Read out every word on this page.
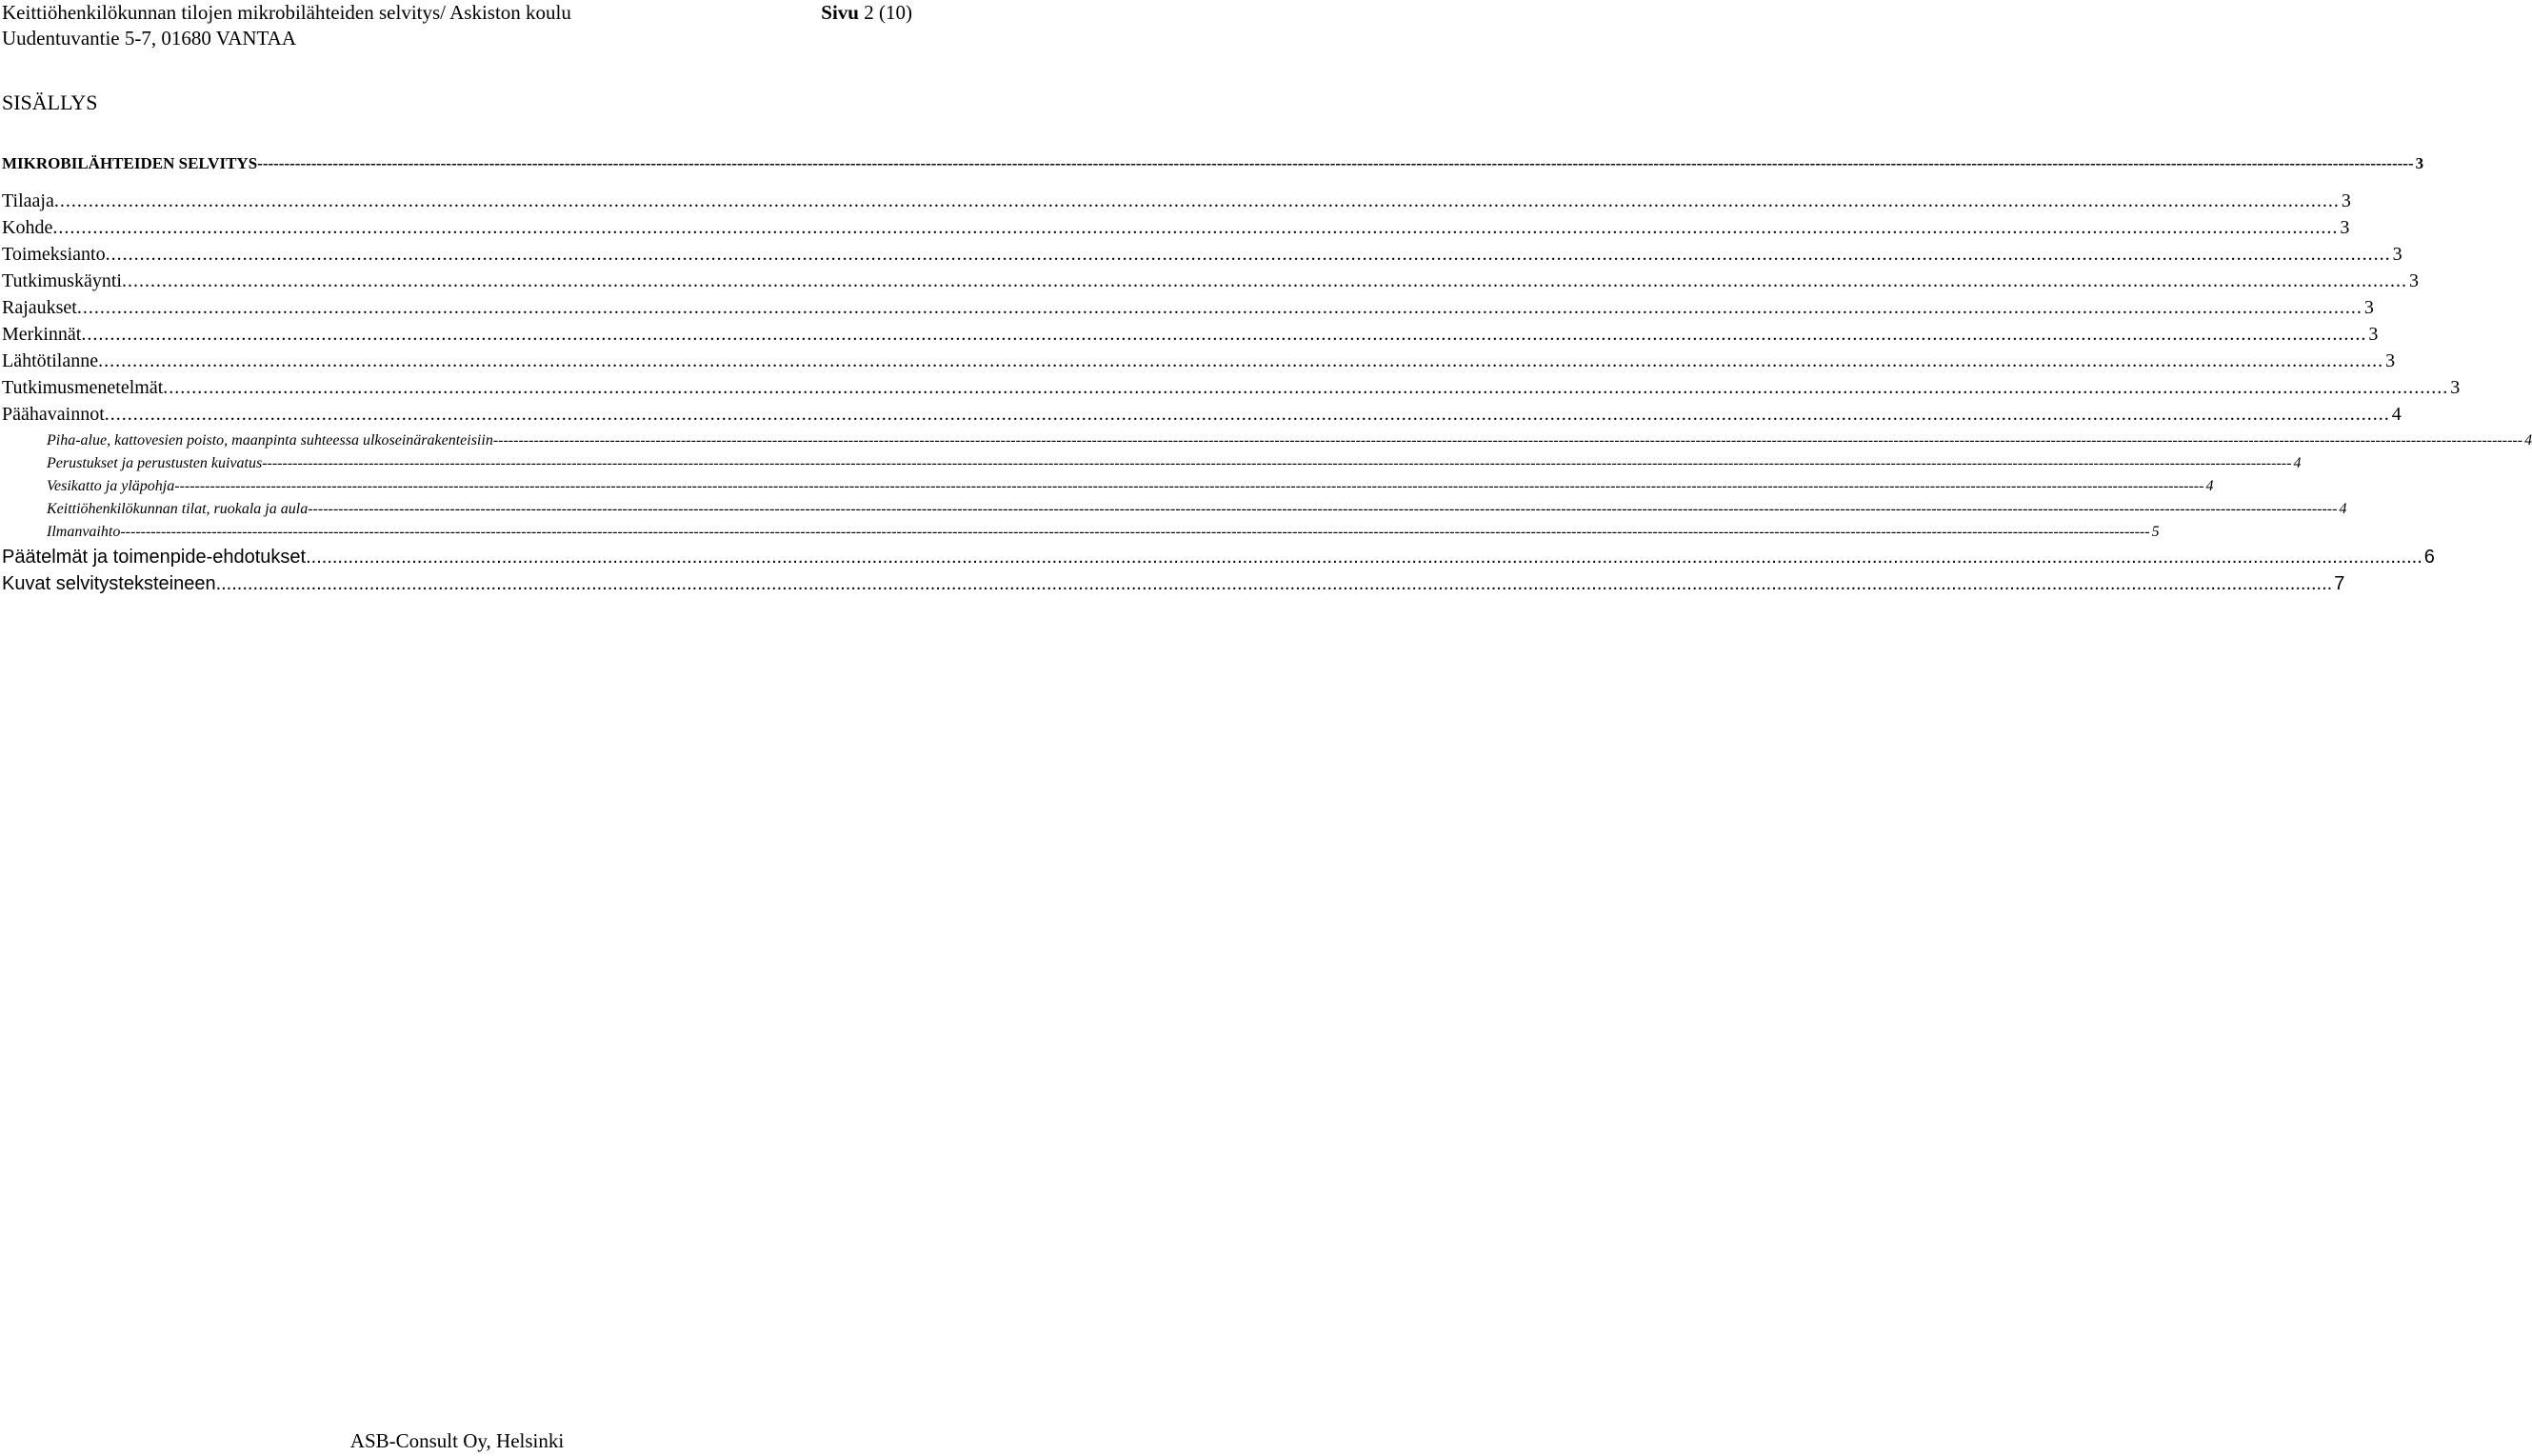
Keittiöhenkilökunnan tilojen mikrobilähteiden selvitys/ Askiston koulu
Uudentuvantie 5-7, 01680 VANTAA
Sivu 2 (10)
SISÄLLYS
MIKROBILÄHTEIDEN SELVITYS ---------------------------------------------------------------------------------------------------------------------------------------------------------------------------------------------------------------------------------------------------------------------------------------------------------------------------------------------------------------------------------------------------------------- 3
Tilaaja ................................................................................................................................................................................................................................................................................................................................................................................................................ 3
Kohde ................................................................................................................................................................................................................................................................................................................................................................................................................ 3
Toimeksianto ................................................................................................................................................................................................................................................................................................................................................................................................................ 3
Tutkimuskäynti ................................................................................................................................................................................................................................................................................................................................................................................................................ 3
Rajaukset ................................................................................................................................................................................................................................................................................................................................................................................................................ 3
Merkinnät ................................................................................................................................................................................................................................................................................................................................................................................................................ 3
Lähtötilanne ................................................................................................................................................................................................................................................................................................................................................................................................................ 3
Tutkimusmenetelmät ................................................................................................................................................................................................................................................................................................................................................................................................................ 3
Päähavainnot ................................................................................................................................................................................................................................................................................................................................................................................................................ 4
Piha-alue, kattovesien poisto, maanpinta suhteessa ulkoseinärakenteisiin ---------------------------------------------------------------------------------------------------------------------------------------------------------------------------------------------------------------------------------------------------------------------------------------------------------------------------------------------------------------------------------------------------------------- 4
Perustukset ja perustusten kuivatus ---------------------------------------------------------------------------------------------------------------------------------------------------------------------------------------------------------------------------------------------------------------------------------------------------------------------------------------------------------------------------------------------------------------- 4
Vesikatto ja yläpohja ---------------------------------------------------------------------------------------------------------------------------------------------------------------------------------------------------------------------------------------------------------------------------------------------------------------------------------------------------------------------------------------------------------------- 4
Keittiöhenkilökunnan tilat, ruokala ja aula ---------------------------------------------------------------------------------------------------------------------------------------------------------------------------------------------------------------------------------------------------------------------------------------------------------------------------------------------------------------------------------------------------------------- 4
Ilmanvaihto ---------------------------------------------------------------------------------------------------------------------------------------------------------------------------------------------------------------------------------------------------------------------------------------------------------------------------------------------------------------------------------------------------------------- 5
Päätelmät ja toimenpide-ehdotukset ................................................................................................................................................................................................................................................................................................................................................................................................................ 6
Kuvat selvitysteksteineen ................................................................................................................................................................................................................................................................................................................................................................................................................ 7
ASB-Consult Oy, Helsinki
